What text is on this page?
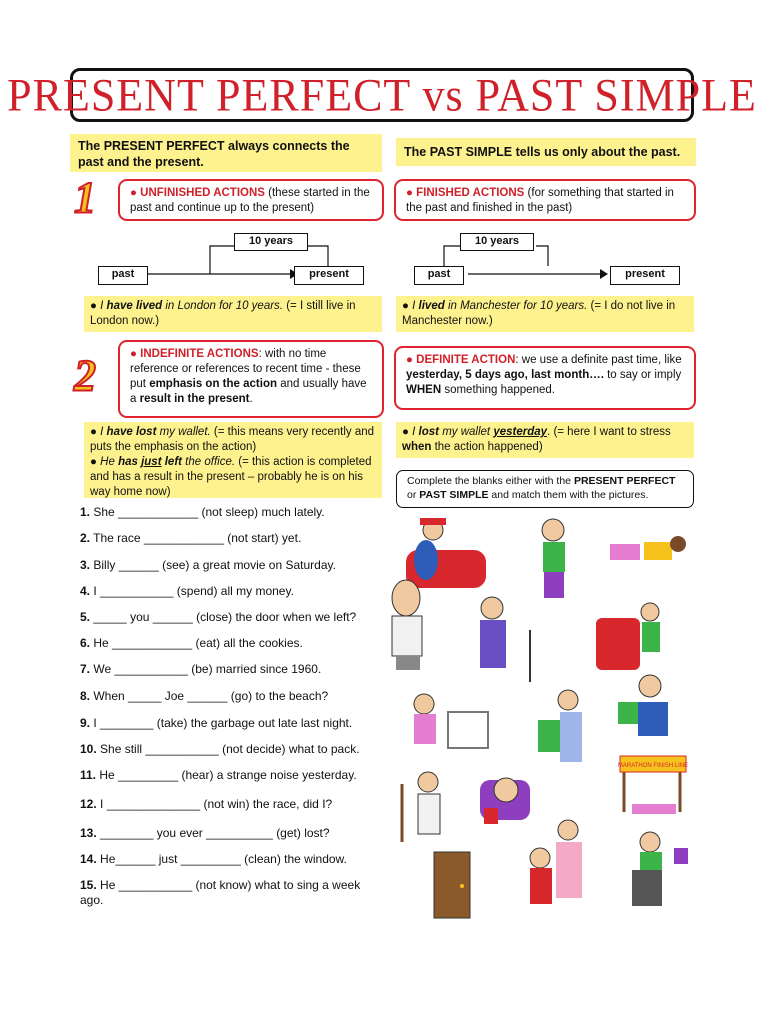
PRESENT PERFECT vs PAST SIMPLE
The PRESENT PERFECT always connects the past and the present.
The PAST SIMPLE tells us only about the past.
1	● UNFINISHED ACTIONS (these started in the past and continue up to the present)
● FINISHED ACTIONS (for something that started in the past and finished in the past)
10 years
past	present
10 years
past	present
● I have lived in London for 10 years. (= I still live in London now.)
● I lived in Manchester for 10 years. (= I do not live in Manchester now.)
2	● INDEFINITE ACTIONS: with no time reference or references to recent time - these put emphasis on the action and usually have a result in the present.
● DEFINITE ACTION: we use a definite past time, like yesterday, 5 days ago, last month…. to say or imply WHEN something happened.
● I have lost my wallet. (= this means very recently and puts the emphasis on the action)
● He has just left the office. (= this action is completed and has a result in the present – probably he is on his way home now)
● I lost my wallet yesterday. (= here I want to stress when the action happened)
Complete the blanks either with the PRESENT PERFECT or PAST SIMPLE and match them with the pictures.
1. She ____________ (not sleep) much lately.
2. The race ____________ (not start) yet.
3. Billy ______ (see) a great movie on Saturday.
4. I ___________ (spend) all my money.
5. _____ you ______ (close) the door when we left?
6. He ____________ (eat) all the cookies.
7. We ___________ (be) married since 1960.
8. When _____ Joe ______ (go) to the beach?
9. I ________ (take) the garbage out late last night.
10. She still ___________ (not decide) what to pack.
11. He _________ (hear) a strange noise yesterday.
12. I ______________ (not win) the race, did I?
13. ________ you ever __________ (get) lost?
14. He______ just _________ (clean) the window.
15. He ___________ (not know) what to sing a week ago.
MARATHON FINISH LINE
